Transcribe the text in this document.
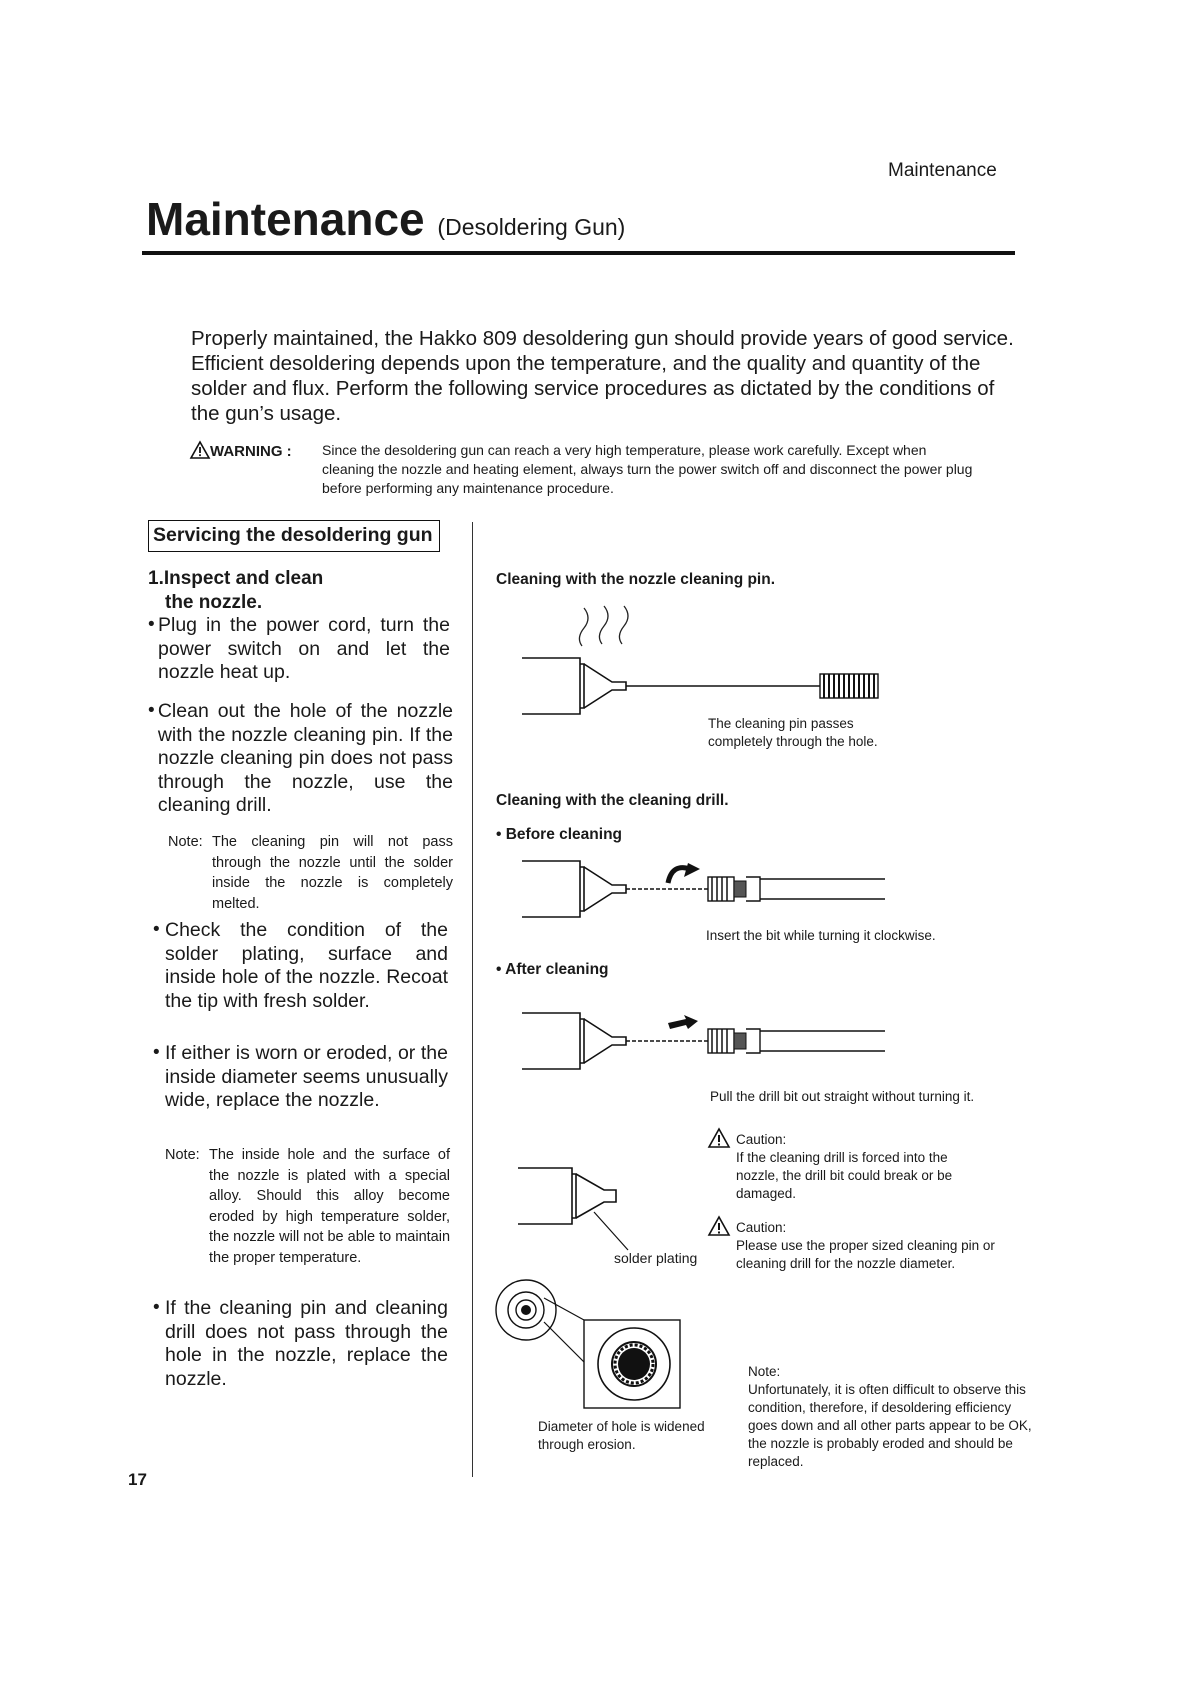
Maintenance
Maintenance (Desoldering Gun)
Properly maintained, the Hakko 809 desoldering gun should provide years of good service. Efficient desoldering depends upon the temperature, and the quality and quantity of the solder and flux. Perform the following service procedures as dictated by the conditions of the gun’s usage.
WARNING : Since the desoldering gun can reach a very high temperature, please work carefully. Except when cleaning the nozzle and heating element, always turn the power switch off and disconnect the power plug before performing any maintenance procedure.
Servicing the desoldering gun
1.Inspect and clean
the nozzle.
• Plug in the power cord, turn the power switch on and let the nozzle heat up.
• Clean out the hole of the nozzle with the nozzle cleaning pin. If the nozzle cleaning pin does not pass through the nozzle, use the cleaning drill.
Note: The cleaning pin will not pass through the nozzle until the solder inside the nozzle is completely melted.
• Check the condition of the solder plating, surface and inside hole of the nozzle. Recoat the tip with fresh solder.
• If either is worn or eroded, or the inside diameter seems unusually wide, replace the nozzle.
Note: The inside hole and the surface of the nozzle is plated with a special alloy. Should this alloy become eroded by high temperature solder, the nozzle will not be able to maintain the proper temperature.
• If the cleaning pin and cleaning drill does not pass through the hole in the nozzle, replace the nozzle.
17
Cleaning with the nozzle cleaning pin.
The cleaning pin passes completely through the hole.
Cleaning with the cleaning drill.
• Before cleaning
Insert the bit while turning it clockwise.
• After cleaning
Pull the drill bit out straight without turning it.
Caution:
If the cleaning drill is forced into the nozzle, the drill bit could break or be damaged.
solder plating
Caution:
Please use the proper sized cleaning pin or cleaning drill for the nozzle diameter.
Diameter of hole is widened through erosion.
Note:
Unfortunately, it is often difficult to observe this condition, therefore, if desoldering efficiency goes down and all other parts appear to be OK, the nozzle is probably eroded and should be replaced.
